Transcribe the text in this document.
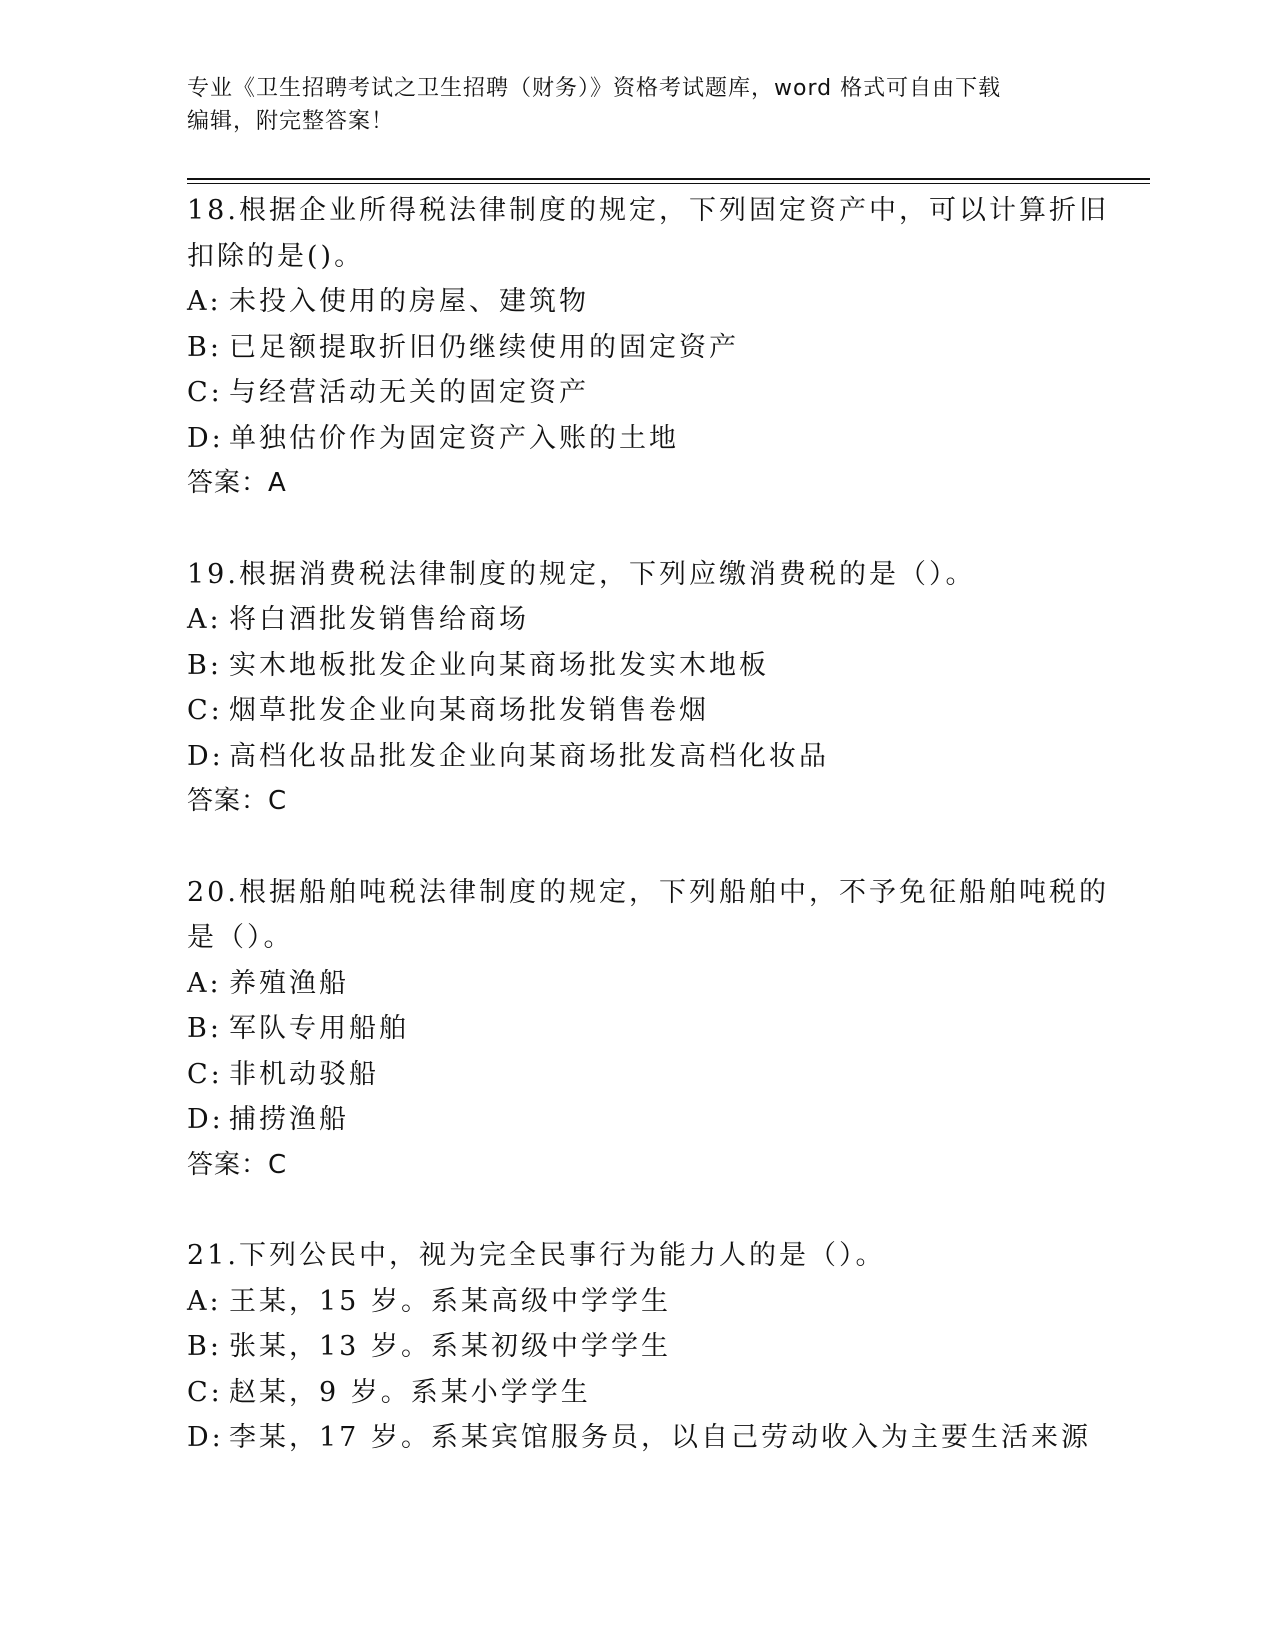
专业《卫生招聘考试之卫生招聘（财务）》资格考试题库，word 格式可自由下载
编辑，附完整答案！
18.根据企业所得税法律制度的规定，下列固定资产中，可以计算折旧
扣除的是()。
A: 未投入使用的房屋、建筑物
B: 已足额提取折旧仍继续使用的固定资产
C: 与经营活动无关的固定资产
D: 单独估价作为固定资产入账的土地
答案：A
19.根据消费税法律制度的规定，下列应缴消费税的是（）。
A: 将白酒批发销售给商场
B: 实木地板批发企业向某商场批发实木地板
C: 烟草批发企业向某商场批发销售卷烟
D: 高档化妆品批发企业向某商场批发高档化妆品
答案：C
20.根据船舶吨税法律制度的规定，下列船舶中，不予免征船舶吨税的
是（）。
A: 养殖渔船
B: 军队专用船舶
C: 非机动驳船
D: 捕捞渔船
答案：C
21.下列公民中，视为完全民事行为能力人的是（）。
A: 王某，15 岁。系某高级中学学生
B: 张某，13 岁。系某初级中学学生
C: 赵某，9 岁。系某小学学生
D: 李某，17 岁。系某宾馆服务员，以自己劳动收入为主要生活来源
